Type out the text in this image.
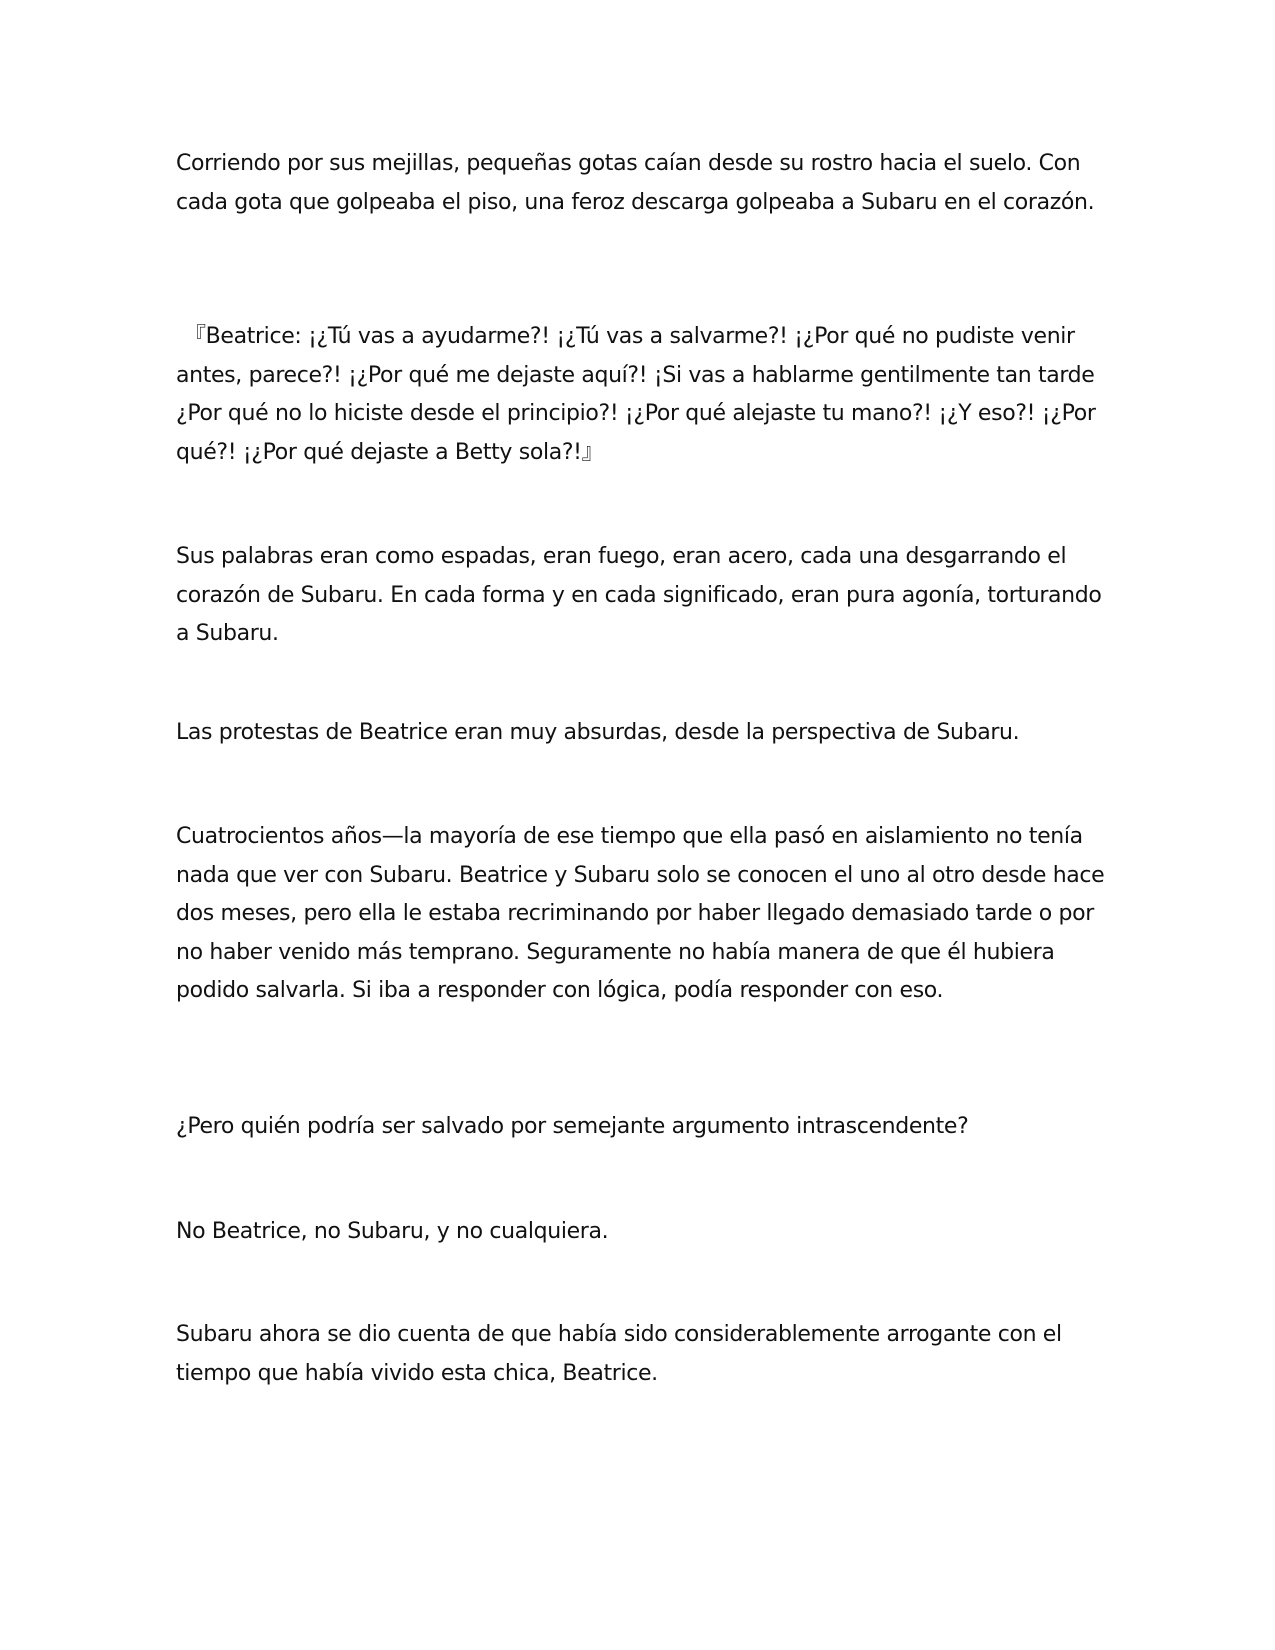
Corriendo por sus mejillas, pequeñas gotas caían desde su rostro hacia el suelo. Con cada gota que golpeaba el piso, una feroz descarga golpeaba a Subaru en el corazón.

『Beatrice: ¡¿Tú vas a ayudarme?! ¡¿Tú vas a salvarme?! ¡¿Por qué no pudiste venir antes, parece?! ¡¿Por qué me dejaste aquí?! ¡Si vas a hablarme gentilmente tan tarde ¿Por qué no lo hiciste desde el principio?! ¡¿Por qué alejaste tu mano?! ¡¿Y eso?! ¡¿Por qué?! ¡¿Por qué dejaste a Betty sola?!』

Sus palabras eran como espadas, eran fuego, eran acero, cada una desgarrando el corazón de Subaru. En cada forma y en cada significado, eran pura agonía, torturando a Subaru.

Las protestas de Beatrice eran muy absurdas, desde la perspectiva de Subaru.

Cuatrocientos años—la mayoría de ese tiempo que ella pasó en aislamiento no tenía nada que ver con Subaru. Beatrice y Subaru solo se conocen el uno al otro desde hace dos meses, pero ella le estaba recriminando por haber llegado demasiado tarde o por no haber venido más temprano. Seguramente no había manera de que él hubiera podido salvarla. Si iba a responder con lógica, podía responder con eso.

¿Pero quién podría ser salvado por semejante argumento intrascendente?

No Beatrice, no Subaru, y no cualquiera.

Subaru ahora se dio cuenta de que había sido considerablemente arrogante con el tiempo que había vivido esta chica, Beatrice.
